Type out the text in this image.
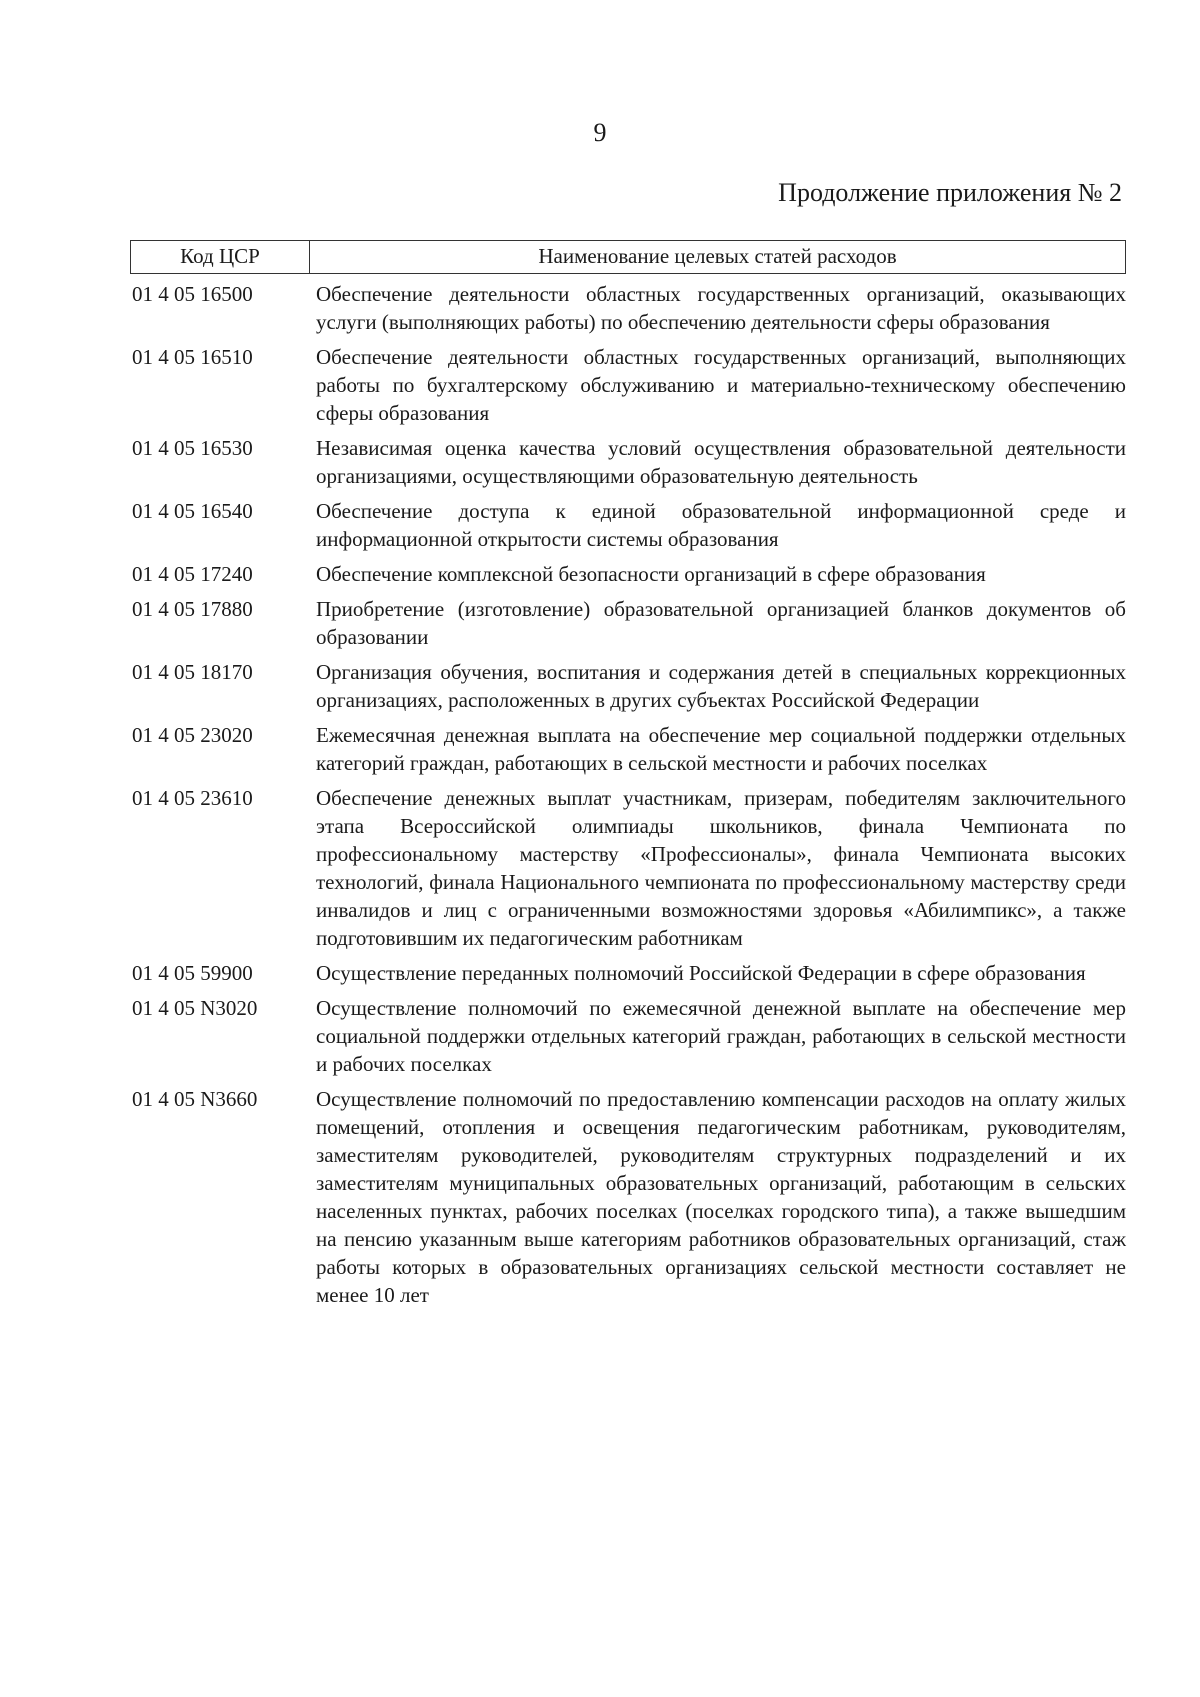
9
Продолжение приложения № 2
Код ЦСР	Наименование целевых статей расходов
01 4 05 16500	Обеспечение деятельности областных государственных организаций, оказывающих услуги (выполняющих работы) по обеспечению деятельности сферы образования
01 4 05 16510	Обеспечение деятельности областных государственных организаций, выполняющих работы по бухгалтерскому обслуживанию и материально-техническому обеспечению сферы образования
01 4 05 16530	Независимая оценка качества условий осуществления образовательной деятельности организациями, осуществляющими образовательную деятельность
01 4 05 16540	Обеспечение доступа к единой образовательной информационной среде и информационной открытости системы образования
01 4 05 17240	Обеспечение комплексной безопасности организаций в сфере образования
01 4 05 17880	Приобретение (изготовление) образовательной организацией бланков документов об образовании
01 4 05 18170	Организация обучения, воспитания и содержания детей в специальных коррекционных организациях, расположенных в других субъектах Российской Федерации
01 4 05 23020	Ежемесячная денежная выплата на обеспечение мер социальной поддержки отдельных категорий граждан, работающих в сельской местности и рабочих поселках
01 4 05 23610	Обеспечение денежных выплат участникам, призерам, победителям заключительного этапа Всероссийской олимпиады школьников, финала Чемпионата по профессиональному мастерству «Профессионалы», финала Чемпионата высоких технологий, финала Национального чемпионата по профессиональному мастерству среди инвалидов и лиц с ограниченными возможностями здоровья «Абилимпикс», а также подготовившим их педагогическим работникам
01 4 05 59900	Осуществление переданных полномочий Российской Федерации в сфере образования
01 4 05 N3020	Осуществление полномочий по ежемесячной денежной выплате на обеспечение мер социальной поддержки отдельных категорий граждан, работающих в сельской местности и рабочих поселках
01 4 05 N3660	Осуществление полномочий по предоставлению компенсации расходов на оплату жилых помещений, отопления и освещения педагогическим работникам, руководителям, заместителям руководителей, руководителям структурных подразделений и их заместителям муниципальных образовательных организаций, работающим в сельских населенных пунктах, рабочих поселках (поселках городского типа), а также вышедшим на пенсию указанным выше категориям работников образовательных организаций, стаж работы которых в образовательных организациях сельской местности составляет не менее 10 лет
